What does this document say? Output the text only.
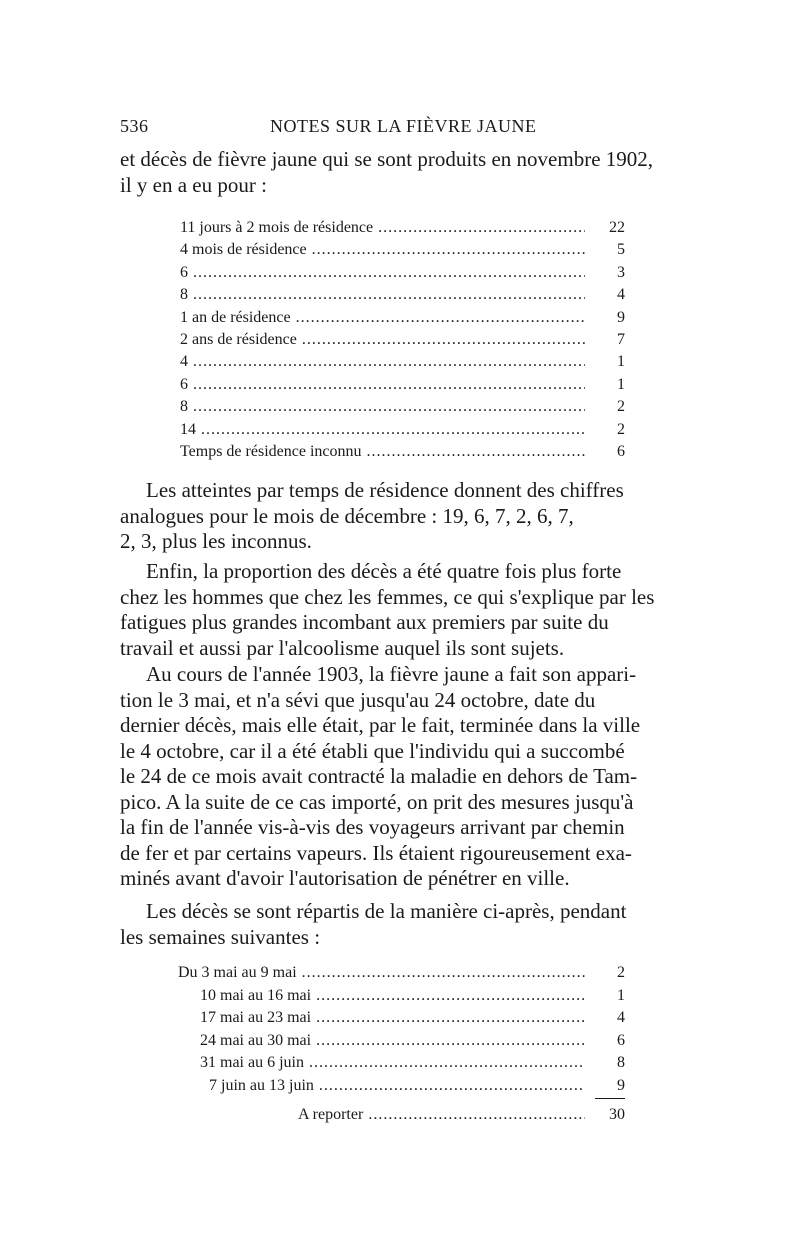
536	NOTES SUR LA FIÈVRE JAUNE
et décès de fièvre jaune qui se sont produits en novembre 1902,
il y en a eu pour :
11 jours à 2 mois de résidence .....	22
4 mois de résidence .....	5
6 .....	3
8 .....	4
1 an de résidence .....	9
2 ans de résidence .....	7
4 .....	1
6 .....	1
8 .....	2
14 .....	2
Temps de résidence inconnu .....	6
Les atteintes par temps de résidence donnent des chiffres
analogues pour le mois de décembre : 19, 6, 7, 2, 6, 7,
2, 3, plus les inconnus.
Enfin, la proportion des décès a été quatre fois plus forte
chez les hommes que chez les femmes, ce qui s'explique par les
fatigues plus grandes incombant aux premiers par suite du
travail et aussi par l'alcoolisme auquel ils sont sujets.
Au cours de l'année 1903, la fièvre jaune a fait son appari-
tion le 3 mai, et n'a sévi que jusqu'au 24 octobre, date du
dernier décès, mais elle était, par le fait, terminée dans la ville
le 4 octobre, car il a été établi que l'individu qui a succombé
le 24 de ce mois avait contracté la maladie en dehors de Tam-
pico. A la suite de ce cas importé, on prit des mesures jusqu'à
la fin de l'année vis-à-vis des voyageurs arrivant par chemin
de fer et par certains vapeurs. Ils étaient rigoureusement exa-
minés avant d'avoir l'autorisation de pénétrer en ville.
Les décès se sont répartis de la manière ci-après, pendant
les semaines suivantes :
Du 3 mai au 9 mai .....	2
10 mai au 16 mai .....	1
17 mai au 23 mai .....	4
24 mai au 30 mai .....	6
31 mai au 6 juin .....	8
7 juin au 13 juin .....	9
A reporter .....	30
